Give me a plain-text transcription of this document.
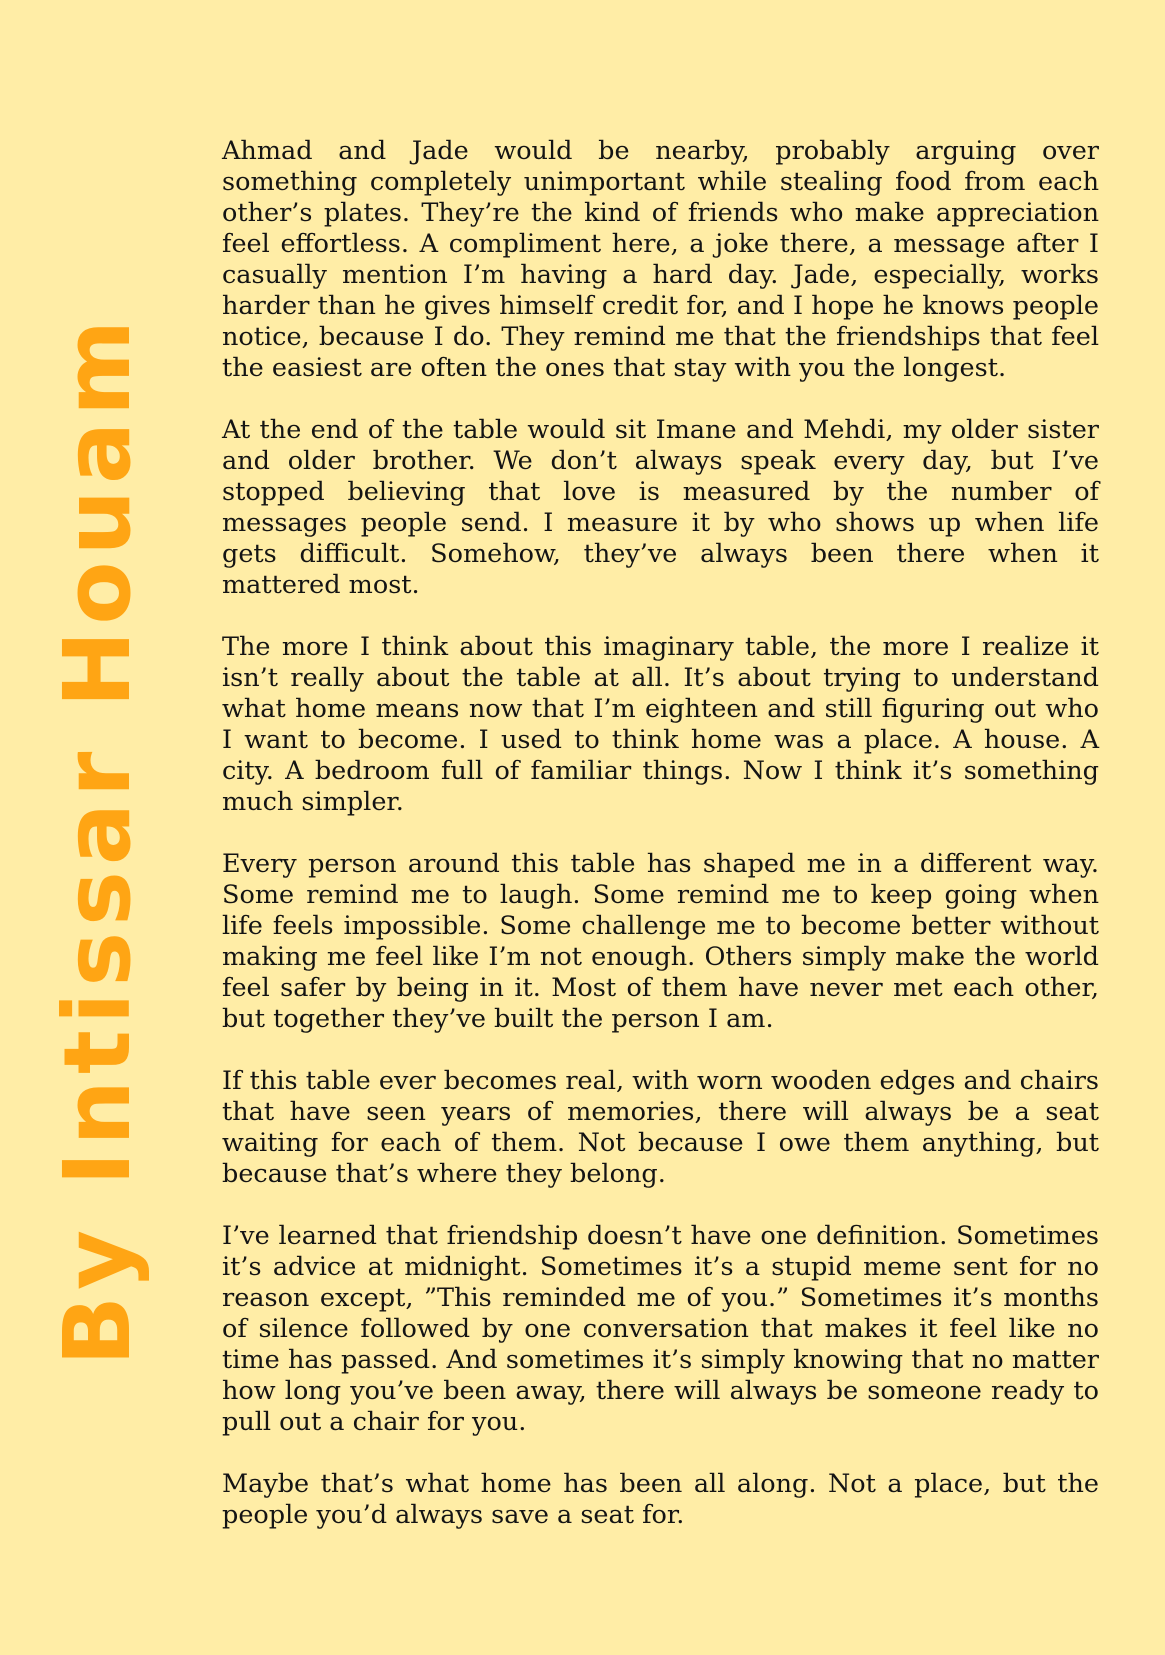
By Intissar Houam

Ahmad and Jade would be nearby, probably arguing over something completely unimportant while stealing food from each other’s plates. They’re the kind of friends who make appreciation feel effortless. A compliment here, a joke there, a message after I casually mention I’m having a hard day. Jade, especially, works harder than he gives himself credit for, and I hope he knows people notice, because I do. They remind me that the friendships that feel the easiest are often the ones that stay with you the longest.

At the end of the table would sit Imane and Mehdi, my older sister and older brother. We don’t always speak every day, but I’ve stopped believing that love is measured by the number of messages people send. I measure it by who shows up when life gets difficult. Somehow, they’ve always been there when it mattered most.

The more I think about this imaginary table, the more I realize it isn’t really about the table at all. It’s about trying to understand what home means now that I’m eighteen and still figuring out who I want to become. I used to think home was a place. A house. A city. A bedroom full of familiar things. Now I think it’s something much simpler.

Every person around this table has shaped me in a different way. Some remind me to laugh. Some remind me to keep going when life feels impossible. Some challenge me to become better without making me feel like I’m not enough. Others simply make the world feel safer by being in it. Most of them have never met each other, but together they’ve built the person I am.

If this table ever becomes real, with worn wooden edges and chairs that have seen years of memories, there will always be a seat waiting for each of them. Not because I owe them anything, but because that’s where they belong.

I’ve learned that friendship doesn’t have one definition. Sometimes it’s advice at midnight. Sometimes it’s a stupid meme sent for no reason except, ”This reminded me of you.” Sometimes it’s months of silence followed by one conversation that makes it feel like no time has passed. And sometimes it’s simply knowing that no matter how long you’ve been away, there will always be someone ready to pull out a chair for you.

Maybe that’s what home has been all along. Not a place, but the people you’d always save a seat for.
